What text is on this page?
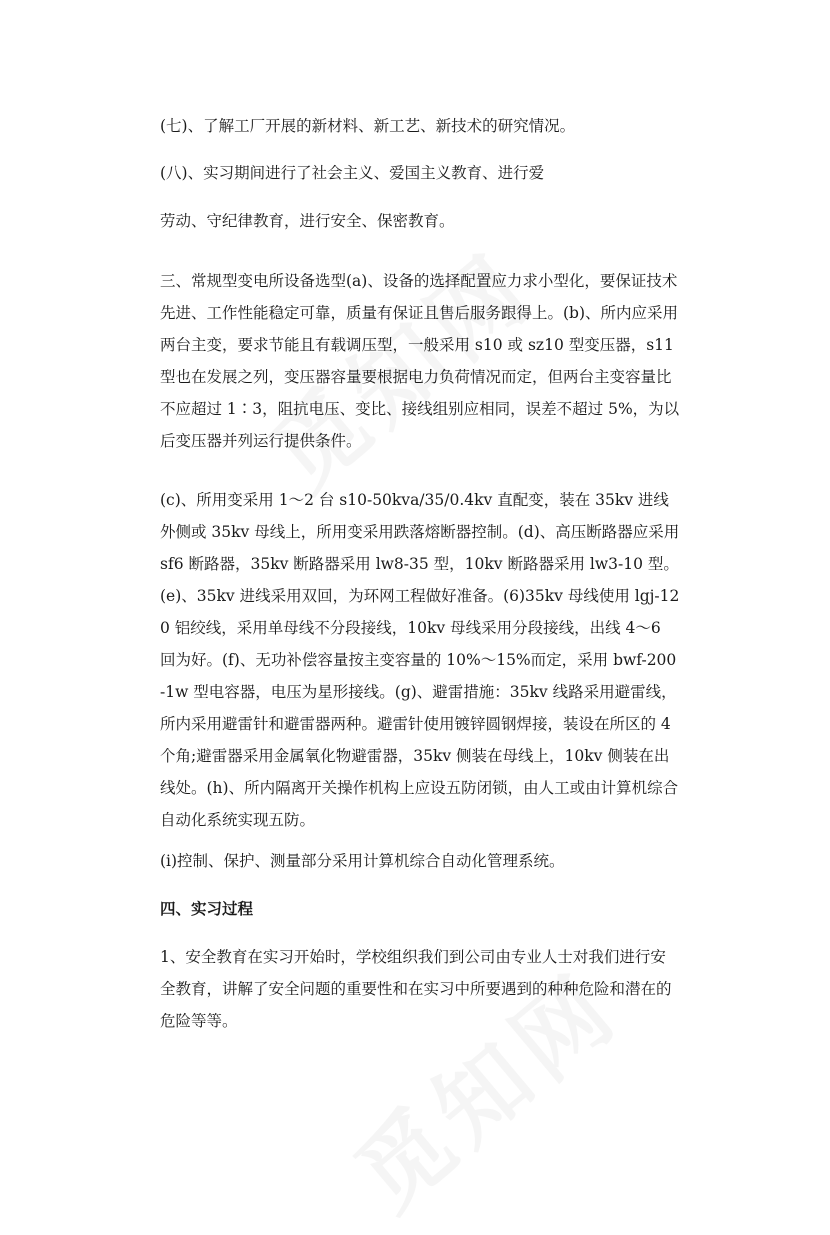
(七)、了解工厂开展的新材料、新工艺、新技术的研究情况。
(八)、实习期间进行了社会主义、爱国主义教育、进行爱
劳动、守纪律教育，进行安全、保密教育。

三、常规型变电所设备选型(a)、设备的选择配置应力求小型化，要保证技术先进、工作性能稳定可靠，质量有保证且售后服务跟得上。(b)、所内应采用两台主变，要求节能且有载调压型，一般采用 s10 或 sz10 型变压器，s11 型也在发展之列，变压器容量要根据电力负荷情况而定，但两台主变容量比不应超过 1∶3，阻抗电压、变比、接线组别应相同，误差不超过 5%，为以后变压器并列运行提供条件。

(c)、所用变采用 1～2 台 s10-50kva/35/0.4kv 直配变，装在 35kv 进线外侧或 35kv 母线上，所用变采用跌落熔断器控制。(d)、高压断路器应采用 sf6 断路器，35kv 断路器采用 lw8-35 型，10kv 断路器采用 lw3-10 型。(e)、35kv 进线采用双回，为环网工程做好准备。(6)35kv 母线使用 lgj-120 铝绞线，采用单母线不分段接线，10kv 母线采用分段接线，出线 4～6 回为好。(f)、无功补偿容量按主变容量的 10%～15%而定，采用 bwf-200-1w 型电容器，电压为星形接线。(g)、避雷措施：35kv 线路采用避雷线，所内采用避雷针和避雷器两种。避雷针使用镀锌圆钢焊接，装设在所区的 4 个角;避雷器采用金属氧化物避雷器，35kv 侧装在母线上，10kv 侧装在出线处。(h)、所内隔离开关操作机构上应设五防闭锁，由人工或由计算机综合自动化系统实现五防。

(i)控制、保护、测量部分采用计算机综合自动化管理系统。
四、实习过程

1、安全教育在实习开始时，学校组织我们到公司由专业人士对我们进行安全教育，讲解了安全问题的重要性和在实习中所要遇到的种种危险和潜在的危险等等。
